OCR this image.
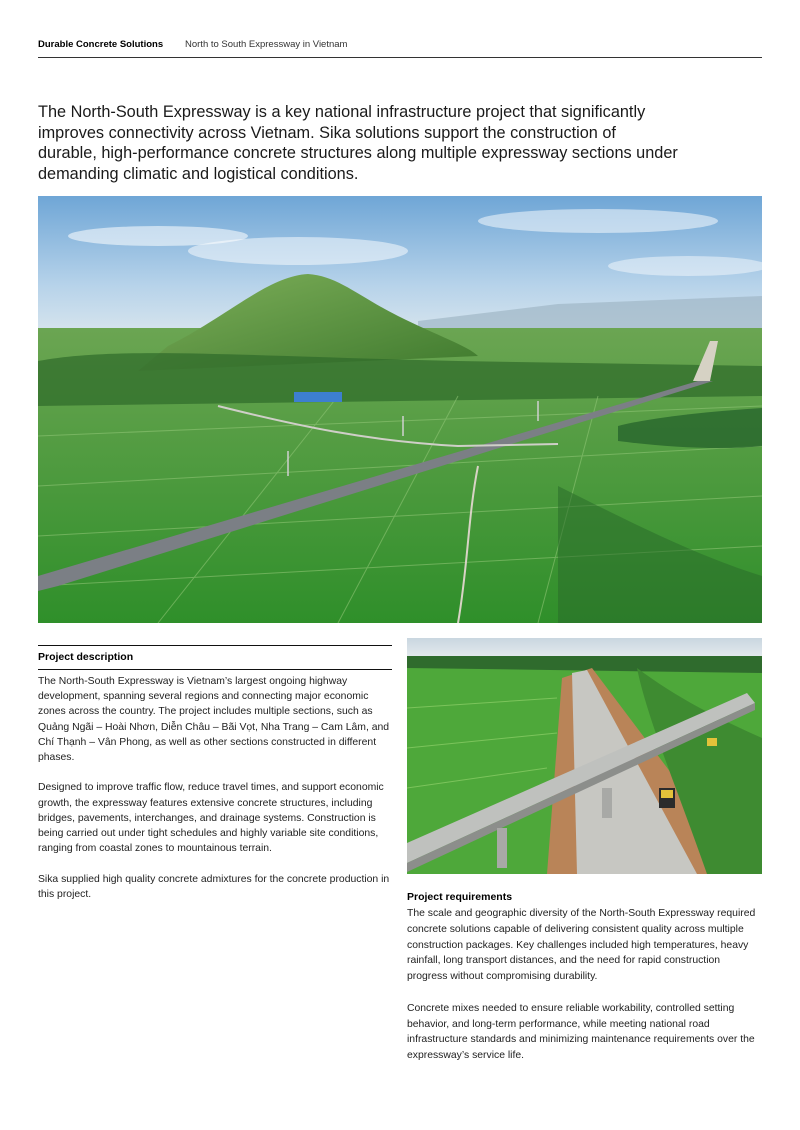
Durable Concrete Solutions North to South Expressway in Vietnam

The North-South Expressway is a key national infrastructure project that significantly improves connectivity across Vietnam. Sika solutions support the construction of durable, high-performance concrete structures along multiple expressway sections under demanding climatic and logistical conditions.

Project description

The North-South Expressway is Vietnam’s largest ongoing highway development, spanning several regions and connecting major economic zones across the country. The project includes multiple sections, such as Quảng Ngãi – Hoài Nhơn, Diễn Châu – Bãi Vọt, Nha Trang – Cam Lâm, and Chí Thạnh – Vân Phong, as well as other sections constructed in different phases.

Designed to improve traffic flow, reduce travel times, and support economic growth, the expressway features extensive concrete structures, including bridges, pavements, interchanges, and drainage systems. Construction is being carried out under tight schedules and highly variable site conditions, ranging from coastal zones to mountainous terrain.

Sika supplied high quality concrete admixtures for the concrete production in this project.	Project requirements

The scale and geographic diversity of the North-South Expressway required concrete solutions capable of delivering consistent quality across multiple construction packages. Key challenges included high temperatures, heavy rainfall, long transport distances, and the need for rapid construction progress without compromising durability.

Concrete mixes needed to ensure reliable workability, controlled setting behavior, and long-term performance, while meeting national road infrastructure standards and minimizing maintenance requirements over the expressway’s service life.
